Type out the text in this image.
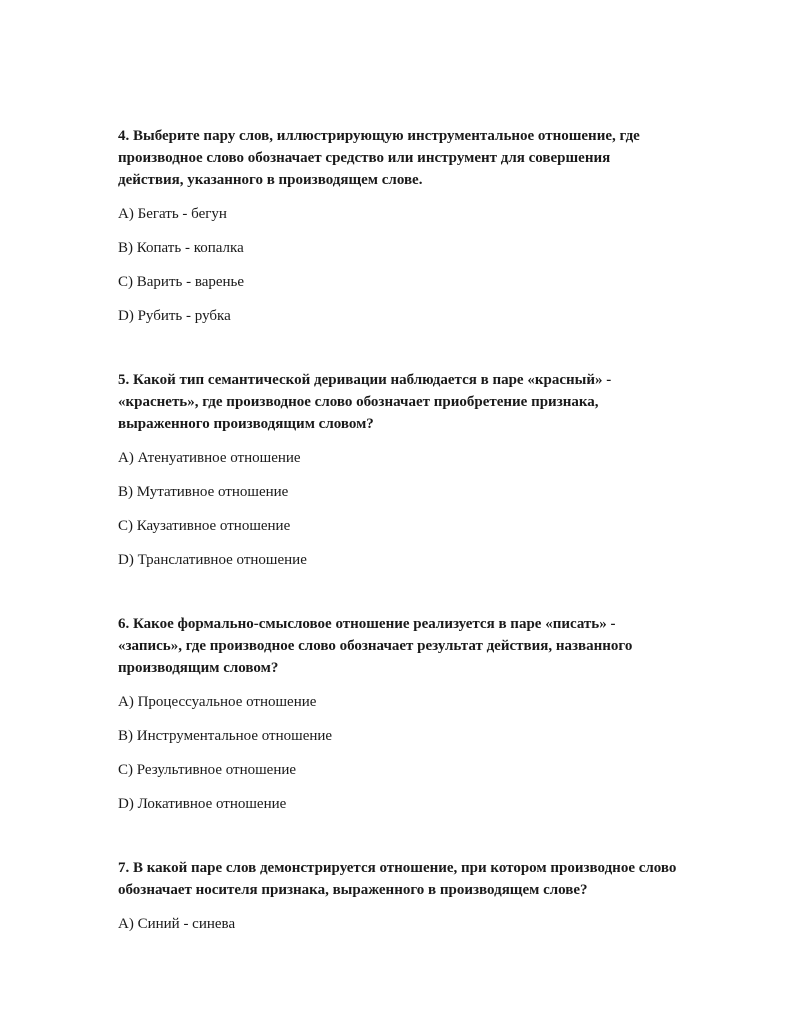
4. Выберите пару слов, иллюстрирующую инструментальное отношение, где производное слово обозначает средство или инструмент для совершения действия, указанного в производящем слове.

A) Бегать - бегун

B) Копать - копалка

C) Варить - варенье

D) Рубить - рубка

5. Какой тип семантической деривации наблюдается в паре «красный» - «краснеть», где производное слово обозначает приобретение признака, выраженного производящим словом?

A) Атенуативное отношение

B) Мутативное отношение

C) Каузативное отношение

D) Транслативное отношение

6. Какое формально-смысловое отношение реализуется в паре «писать» - «запись», где производное слово обозначает результат действия, названного производящим словом?

A) Процессуальное отношение

B) Инструментальное отношение

C) Результивное отношение

D) Локативное отношение

7. В какой паре слов демонстрируется отношение, при котором производное слово обозначает носителя признака, выраженного в производящем слове?

A) Синий - синева
